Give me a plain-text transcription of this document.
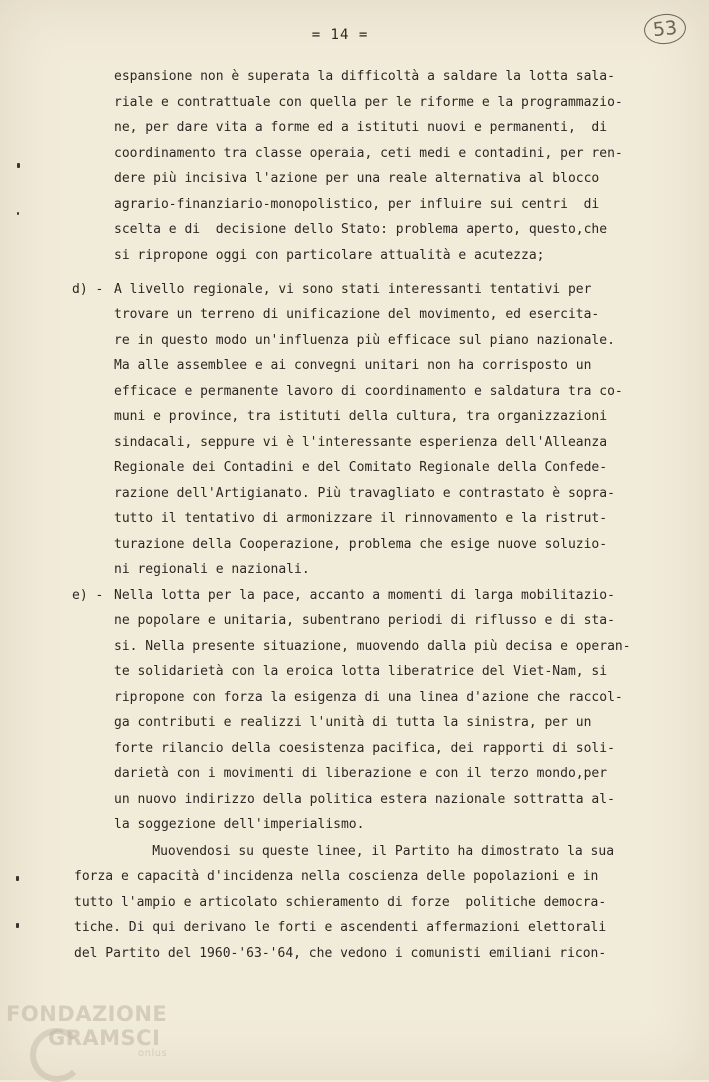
= 14 =	53
espansione non è superata la difficoltà a saldare la lotta sala-
riale e contrattuale con quella per le riforme e la programmazio-
ne, per dare vita a forme ed a istituti nuovi e permanenti,  di
coordinamento tra classe operaia, ceti medi e contadini, per ren-
dere più incisiva l'azione per una reale alternativa al blocco
agrario-finanziario-monopolistico, per influire sui centri  di
scelta e di  decisione dello Stato: problema aperto, questo,che
si ripropone oggi con particolare attualità e acutezza;
d) - A livello regionale, vi sono stati interessanti tentativi per
trovare un terreno di unificazione del movimento, ed esercita-
re in questo modo un'influenza più efficace sul piano nazionale.
Ma alle assemblee e ai convegni unitari non ha corrisposto un
efficace e permanente lavoro di coordinamento e saldatura tra co-
muni e province, tra istituti della cultura, tra organizzazioni
sindacali, seppure vi è l'interessante esperienza dell'Alleanza
Regionale dei Contadini e del Comitato Regionale della Confede-
razione dell'Artigianato. Più travagliato e contrastato è sopra-
tutto il tentativo di armonizzare il rinnovamento e la ristrut-
turazione della Cooperazione, problema che esige nuove soluzio-
ni regionali e nazionali.
e) - Nella lotta per la pace, accanto a momenti di larga mobilitazio-
ne popolare e unitaria, subentrano periodi di riflusso e di sta-
si. Nella presente situazione, muovendo dalla più decisa e operan-
te solidarietà con la eroica lotta liberatrice del Viet-Nam, si
ripropone con forza la esigenza di una linea d'azione che raccol-
ga contributi e realizzi l'unità di tutta la sinistra, per un
forte rilancio della coesistenza pacifica, dei rapporti di soli-
darietà con i movimenti di liberazione e con il terzo mondo,per
un nuovo indirizzo della politica estera nazionale sottratta al-
la soggezione dell'imperialismo.
Muovendosi su queste linee, il Partito ha dimostrato la sua
forza e capacità d'incidenza nella coscienza delle popolazioni e in
tutto l'ampio e articolato schieramento di forze  politiche democra-
tiche. Di qui derivano le forti e ascendenti affermazioni elettorali
del Partito del 1960-'63-'64, che vedono i comunisti emiliani ricon-
FONDAZIONE
GRAMSCI
onlus
